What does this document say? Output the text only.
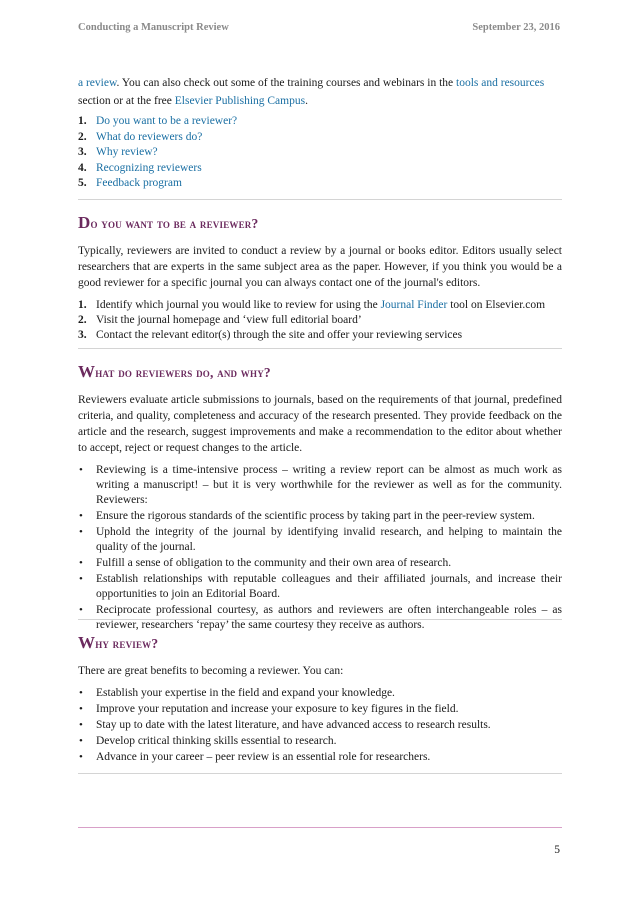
Conducting a Manuscript Review	September 23, 2016
a review. You can also check out some of the training courses and webinars in the tools and resources section or at the free Elsevier Publishing Campus.
1. Do you want to be a reviewer?
2. What do reviewers do?
3. Why review?
4. Recognizing reviewers
5. Feedback program
Do you want to be a reviewer?

Typically, reviewers are invited to conduct a review by a journal or books editor. Editors usually select researchers that are experts in the same subject area as the paper. However, if you think you would be a good reviewer for a specific journal you can always contact one of the journal's editors.

1. Identify which journal you would like to review for using the Journal Finder tool on Elsevier.com
2. Visit the journal homepage and ‘view full editorial board’
3. Contact the relevant editor(s) through the site and offer your reviewing services
What do reviewers do, and why?

Reviewers evaluate article submissions to journals, based on the requirements of that journal, predefined criteria, and quality, completeness and accuracy of the research presented. They provide feedback on the article and the research, suggest improvements and make a recommendation to the editor about whether to accept, reject or request changes to the article.

• Reviewing is a time-intensive process – writing a review report can be almost as much work as writing a manuscript! – but it is very worthwhile for the reviewer as well as for the community. Reviewers:
• Ensure the rigorous standards of the scientific process by taking part in the peer-review system.
• Uphold the integrity of the journal by identifying invalid research, and helping to maintain the quality of the journal.
• Fulfill a sense of obligation to the community and their own area of research.
• Establish relationships with reputable colleagues and their affiliated journals, and increase their opportunities to join an Editorial Board.
• Reciprocate professional courtesy, as authors and reviewers are often interchangeable roles – as reviewer, researchers ‘repay’ the same courtesy they receive as authors.
Why review?

There are great benefits to becoming a reviewer. You can:

• Establish your expertise in the field and expand your knowledge.
• Improve your reputation and increase your exposure to key figures in the field.
• Stay up to date with the latest literature, and have advanced access to research results.
• Develop critical thinking skills essential to research.
• Advance in your career – peer review is an essential role for researchers.
5
